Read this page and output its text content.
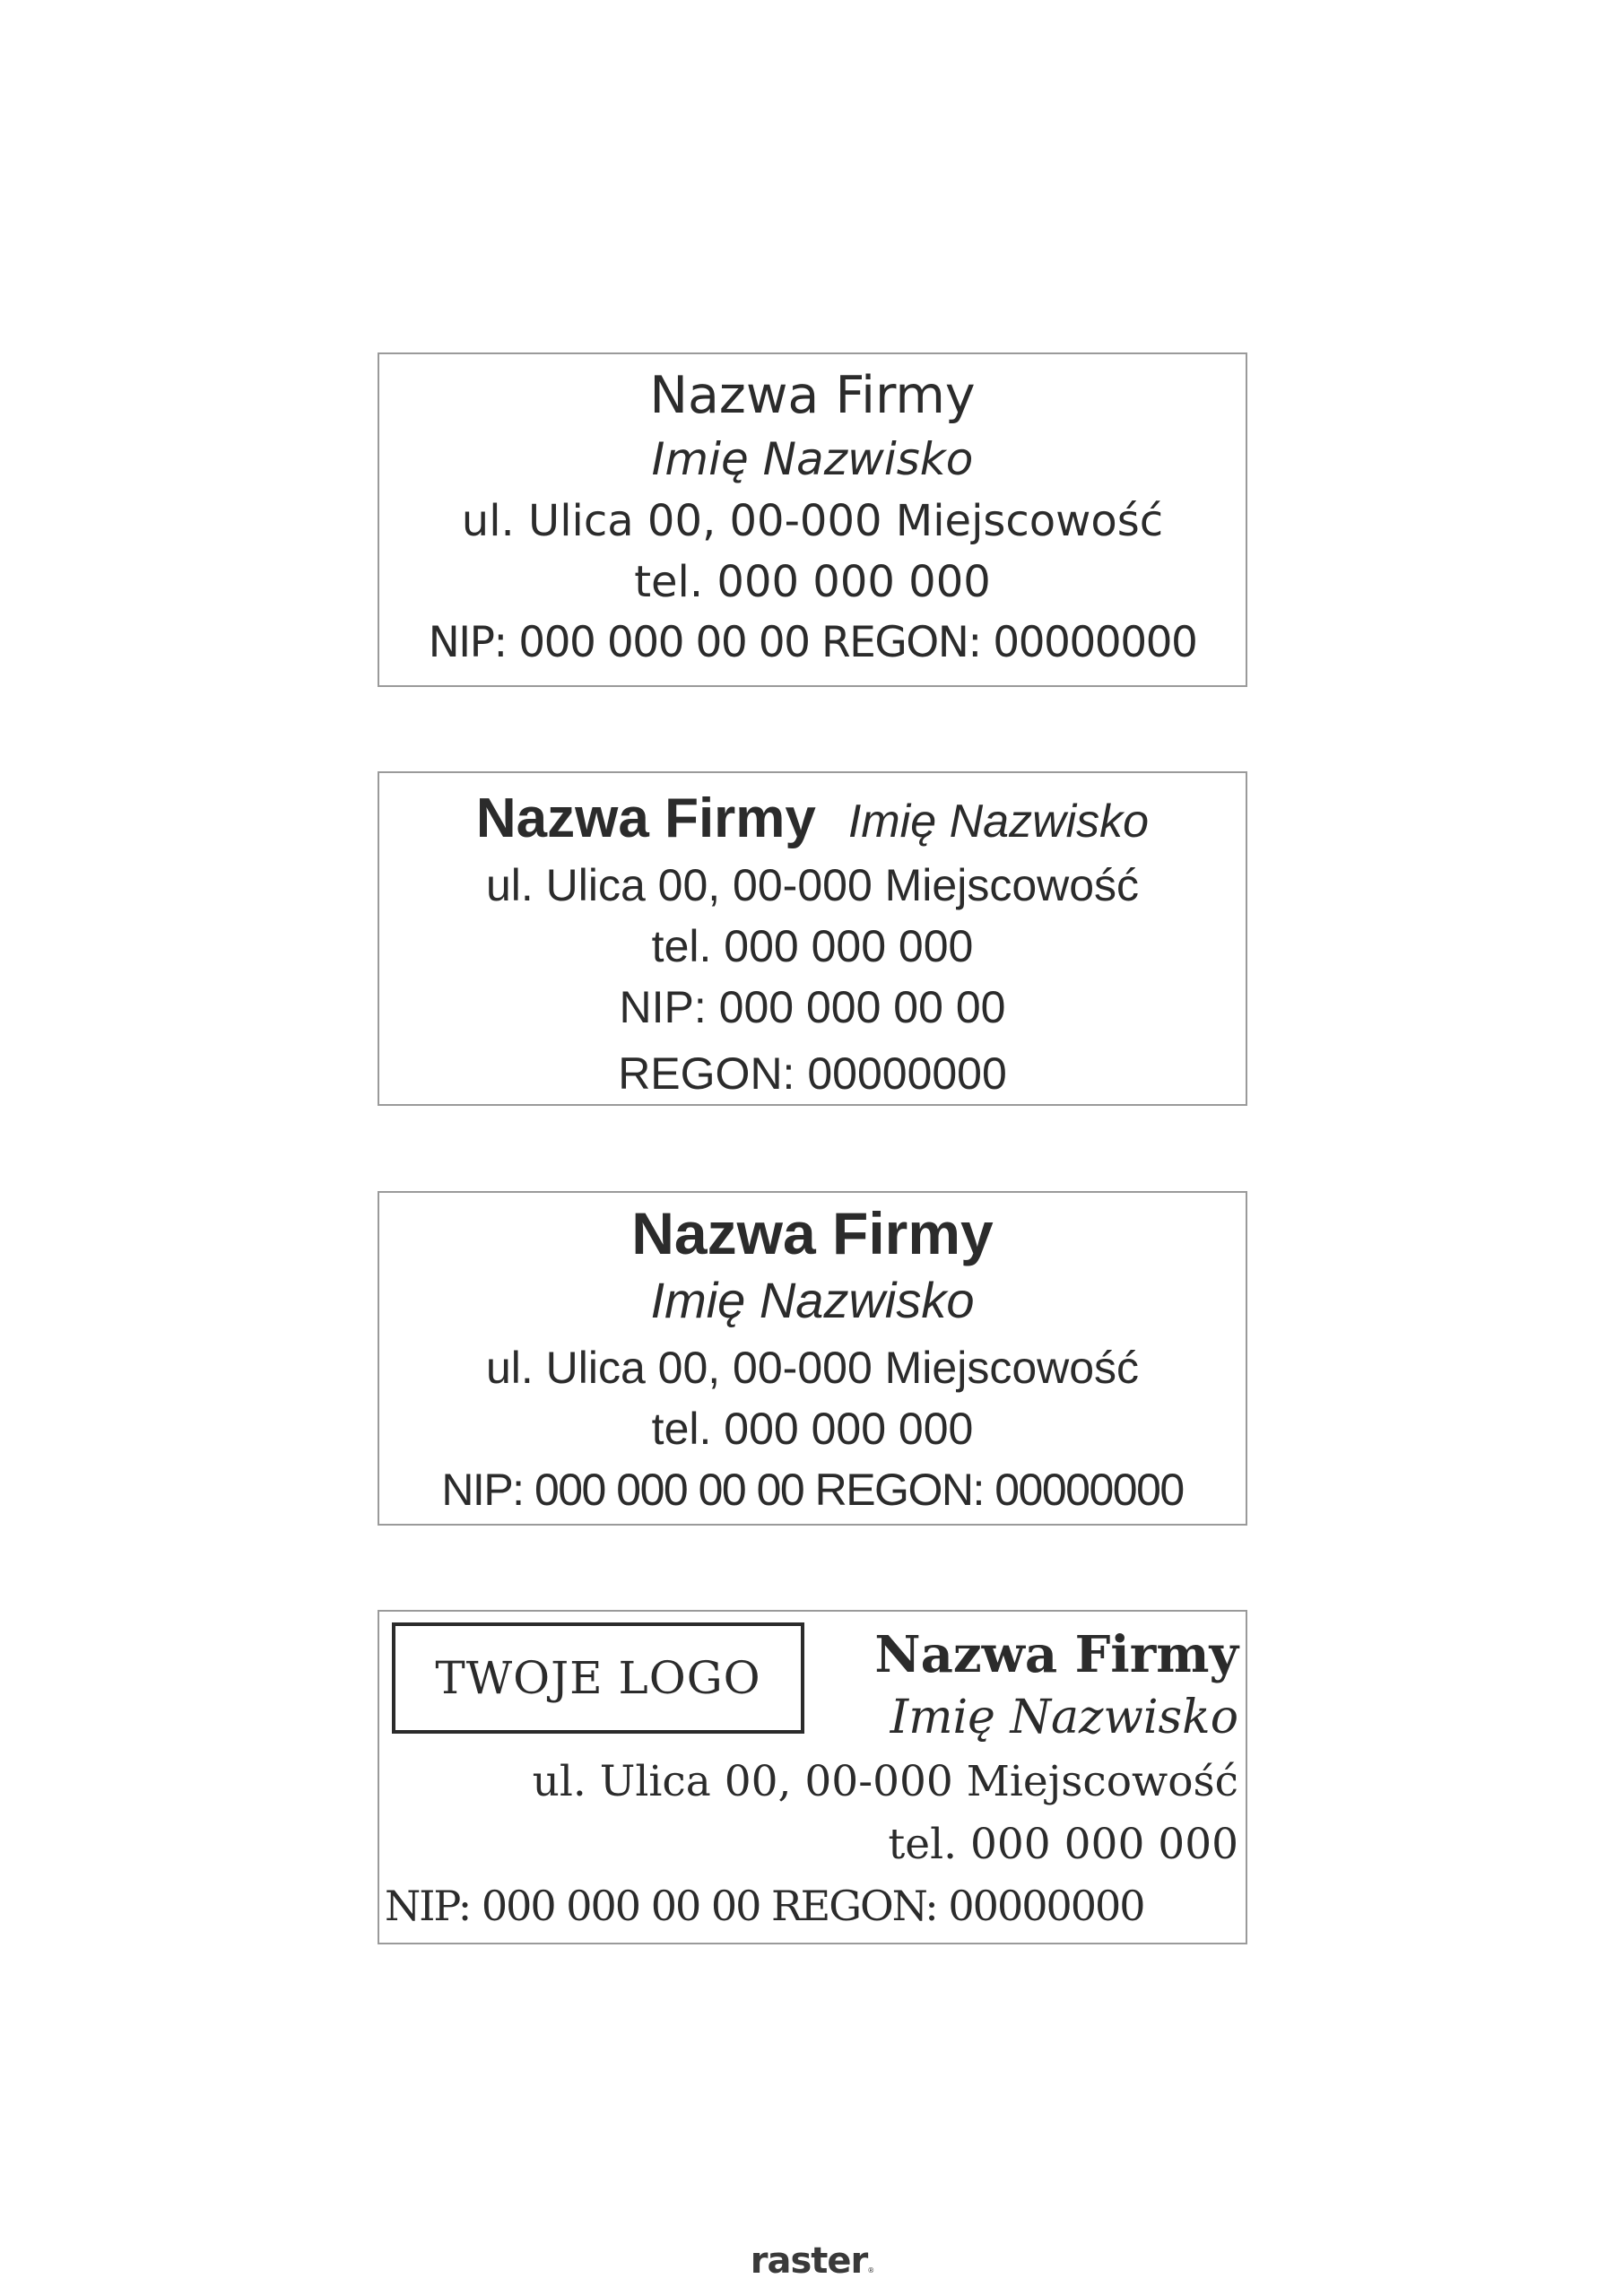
Nazwa Firmy
Imię Nazwisko
ul. Ulica 00, 00-000 Miejscowość
tel. 000 000 000
NIP: 000 000 00 00 REGON: 00000000
Nazwa Firmy Imię Nazwisko
ul. Ulica 00, 00-000 Miejscowość
tel. 000 000 000
NIP: 000 000 00 00
REGON: 00000000
Nazwa Firmy
Imię Nazwisko
ul. Ulica 00, 00-000 Miejscowość
tel. 000 000 000
NIP: 000 000 00 00 REGON: 00000000
TWOJE LOGO	Nazwa Firmy
Imię Nazwisko
ul. Ulica 00, 00-000 Miejscowość
tel. 000 000 000
NIP: 000 000 00 00 REGON: 00000000
raster®
